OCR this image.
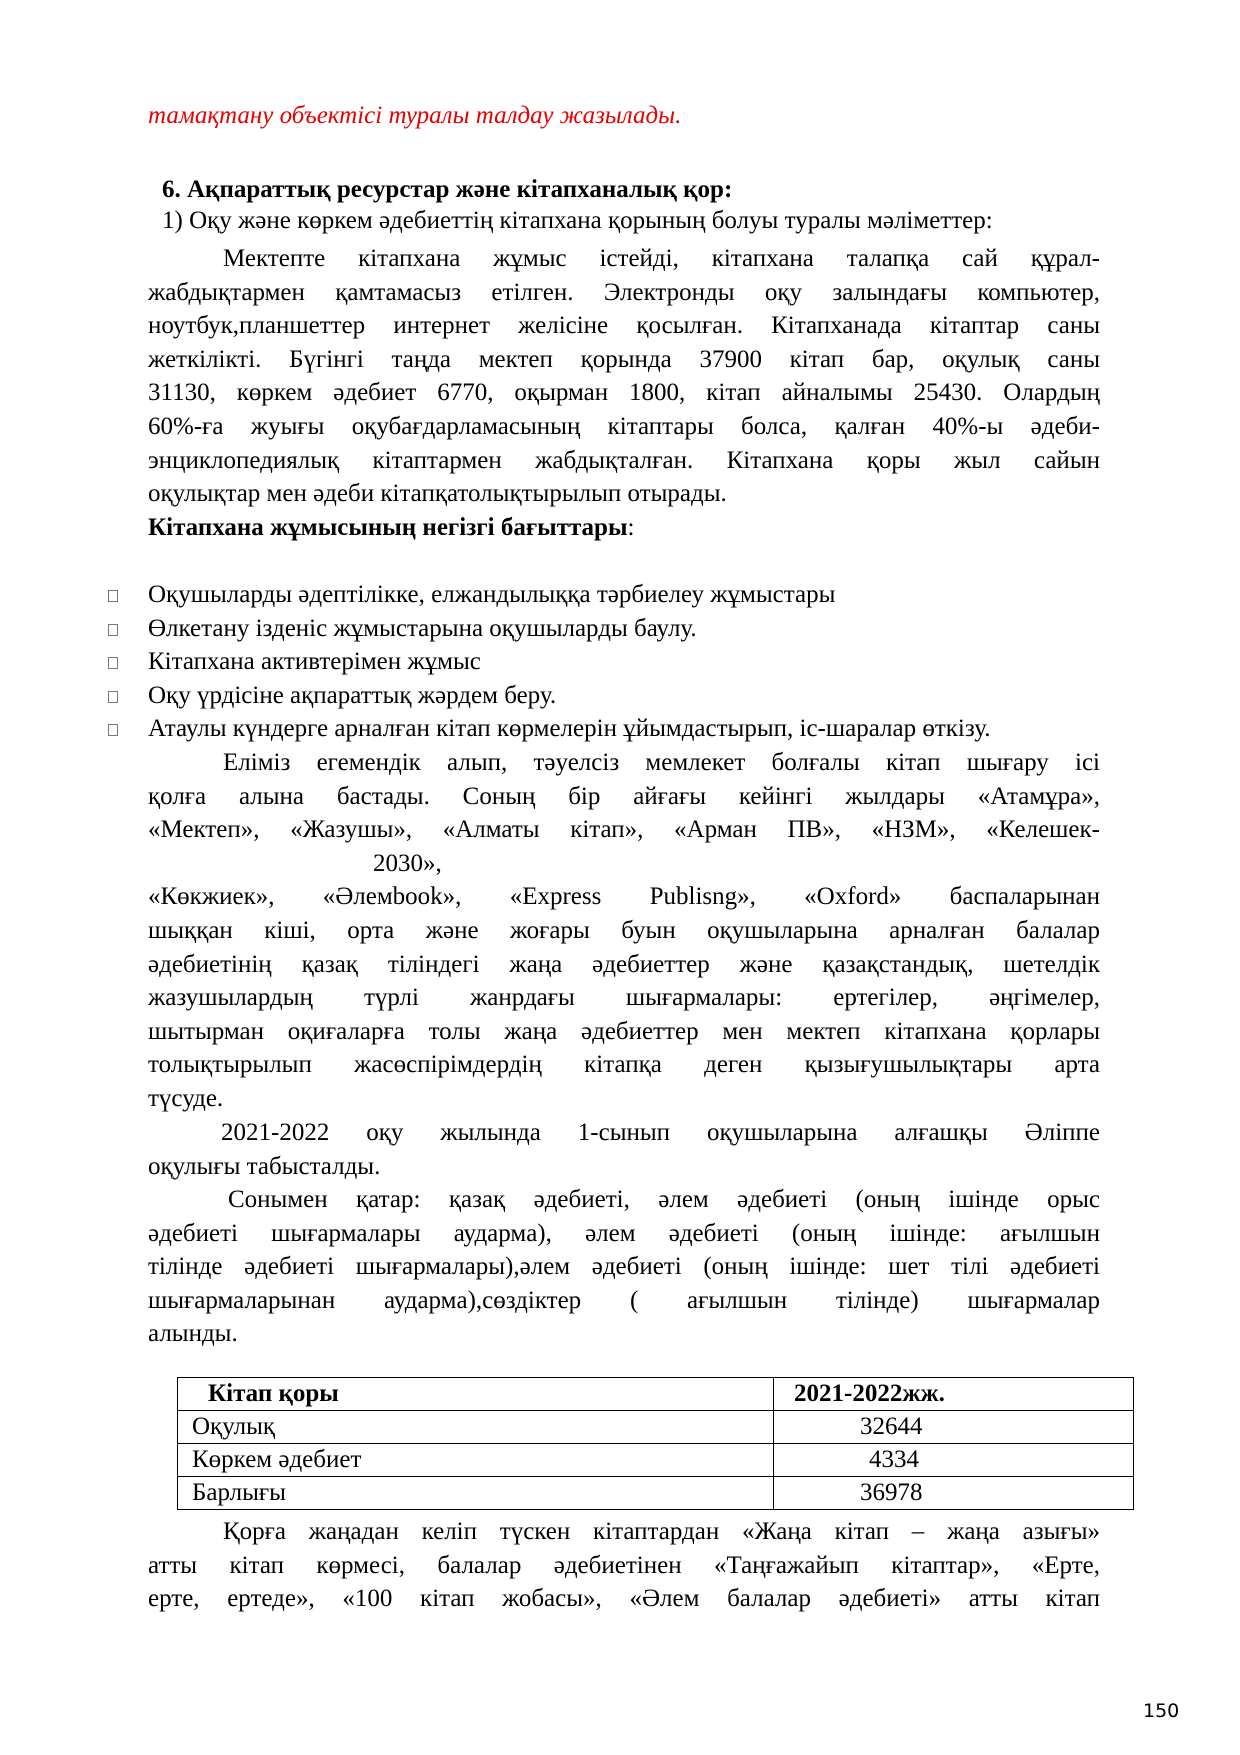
тамақтану объектісі туралы талдау жазылады.
6. Ақпараттық ресурстар және кітапханалық қор:
1) Оқу және көркем әдебиеттің кітапхана қорының болуы туралы мәліметтер:
Мектепте кітапхана жұмыс істейді, кітапхана талапқа сай құрал-
жабдықтармен қамтамасыз етілген. Электронды оқу залындағы компьютер,
ноутбук,планшеттер интернет желісіне қосылған. Кітапханада кітаптар саны
жеткілікті. Бүгінгі таңда мектеп қорында 37900 кітап бар, оқулық саны
31130, көркем әдебиет 6770, оқырман 1800, кітап айналымы 25430. Олардың
60%-ға жуығы оқубағдарламасының кітаптары болса, қалған 40%-ы әдеби-
энциклопедиялық кітаптармен жабдықталған. Кітапхана қоры жыл сайын
оқулықтар мен әдеби кітапқатолықтырылып отырады.
Кітапхана жұмысының негізгі бағыттары:
Оқушыларды әдептілікке, елжандылыққа тәрбиелеу жұмыстары
Өлкетану ізденіс жұмыстарына оқушыларды баулу.
Кітапхана активтерімен жұмыс
Оқу үрдісіне ақпараттық жәрдем беру.
Атаулы күндерге арналған кітап көрмелерін ұйымдастырып, іс-шаралар өткізу.
Еліміз егемендік алып, тәуелсіз мемлекет болғалы кітап шығару ісі
қолға алына бастады. Соның бір айғағы кейінгі жылдары «Атамұра»,
«Мектеп», «Жазушы», «Алматы кітап», «Арман ПВ», «НЗМ», «Келешек-
2030»,
«Көкжиек», «Әлемbook», «Express Publisng», «Oxford» баспаларынан
шыққан кіші, орта және жоғары буын оқушыларына арналған балалар
әдебиетінің қазақ тіліндегі жаңа әдебиеттер және қазақстандық, шетелдік
жазушылардың түрлі жанрдағы шығармалары: ертегілер, әңгімелер,
шытырман оқиғаларға толы жаңа әдебиеттер мен мектеп кітапхана қорлары
толықтырылып жасөспірімдердің кітапқа деген қызығушылықтары арта
түсуде.
2021-2022 оқу жылында 1-сынып оқушыларына алғашқы Әліппе
оқулығы табысталды.
Сонымен қатар: қазақ әдебиеті, әлем әдебиеті (оның ішінде орыс
әдебиеті шығармалары аудармa), әлем әдебиеті (оның ішінде: ағылшын
тілінде әдебиеті шығармалары),әлем әдебиеті (оның ішінде: шет тілі әдебиеті
шығармаларынан аудармa),сөздіктер ( ағылшын тілінде) шығармалар
алынды.
Кітап қоры	2021-2022жж.
Оқулық	32644
Көркем әдебиет	4334
Барлығы	36978
Қорға жаңадан келіп түскен кітаптардан «Жаңа кітап – жаңа азығы»
атты кітап көрмесі, балалар әдебиетінен «Таңғажайып кітаптар», «Ерте,
ерте, ертеде», «100 кітап жобасы», «Әлем балалар әдебиеті» атты кітап
150
